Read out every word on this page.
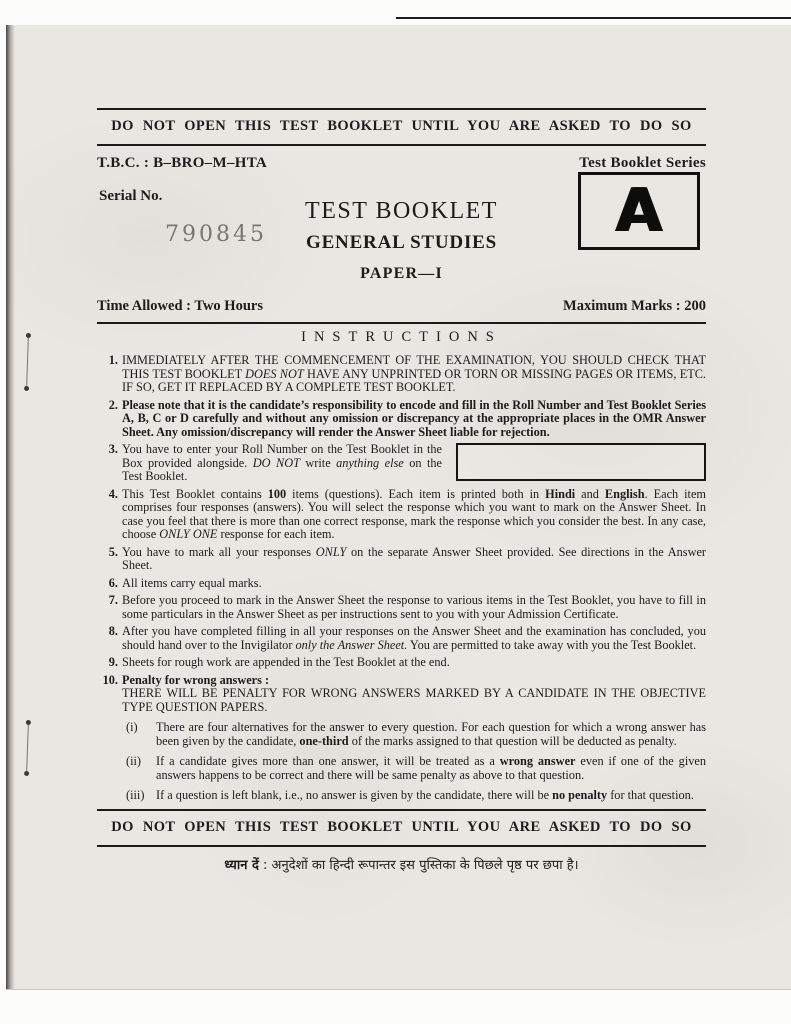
DO NOT OPEN THIS TEST BOOKLET UNTIL YOU ARE ASKED TO DO SO
T.B.C. : B–BRO–M–HTA	Test Booklet Series
Serial No.
790845
TEST BOOKLET
GENERAL STUDIES
PAPER—I
A
Time Allowed : Two Hours	Maximum Marks : 200
INSTRUCTIONS
1. IMMEDIATELY AFTER THE COMMENCEMENT OF THE EXAMINATION, YOU SHOULD CHECK THAT THIS TEST BOOKLET DOES NOT HAVE ANY UNPRINTED OR TORN OR MISSING PAGES OR ITEMS, ETC. IF SO, GET IT REPLACED BY A COMPLETE TEST BOOKLET.
2. Please note that it is the candidate’s responsibility to encode and fill in the Roll Number and Test Booklet Series A, B, C or D carefully and without any omission or discrepancy at the appropriate places in the OMR Answer Sheet. Any omission/discrepancy will render the Answer Sheet liable for rejection.
3. You have to enter your Roll Number on the Test Booklet in the Box provided alongside. DO NOT write anything else on the Test Booklet.
4. This Test Booklet contains 100 items (questions). Each item is printed both in Hindi and English. Each item comprises four responses (answers). You will select the response which you want to mark on the Answer Sheet. In case you feel that there is more than one correct response, mark the response which you consider the best. In any case, choose ONLY ONE response for each item.
5. You have to mark all your responses ONLY on the separate Answer Sheet provided. See directions in the Answer Sheet.
6. All items carry equal marks.
7. Before you proceed to mark in the Answer Sheet the response to various items in the Test Booklet, you have to fill in some particulars in the Answer Sheet as per instructions sent to you with your Admission Certificate.
8. After you have completed filling in all your responses on the Answer Sheet and the examination has concluded, you should hand over to the Invigilator only the Answer Sheet. You are permitted to take away with you the Test Booklet.
9. Sheets for rough work are appended in the Test Booklet at the end.
10. Penalty for wrong answers :
THERE WILL BE PENALTY FOR WRONG ANSWERS MARKED BY A CANDIDATE IN THE OBJECTIVE TYPE QUESTION PAPERS.
(i)	There are four alternatives for the answer to every question. For each question for which a wrong answer has been given by the candidate, one-third of the marks assigned to that question will be deducted as penalty.
(ii)	If a candidate gives more than one answer, it will be treated as a wrong answer even if one of the given answers happens to be correct and there will be same penalty as above to that question.
(iii) If a question is left blank, i.e., no answer is given by the candidate, there will be no penalty for that question.
DO NOT OPEN THIS TEST BOOKLET UNTIL YOU ARE ASKED TO DO SO
ध्यान दें : अनुदेशों का हिन्दी रूपान्तर इस पुस्तिका के पिछले पृष्ठ पर छपा है।
